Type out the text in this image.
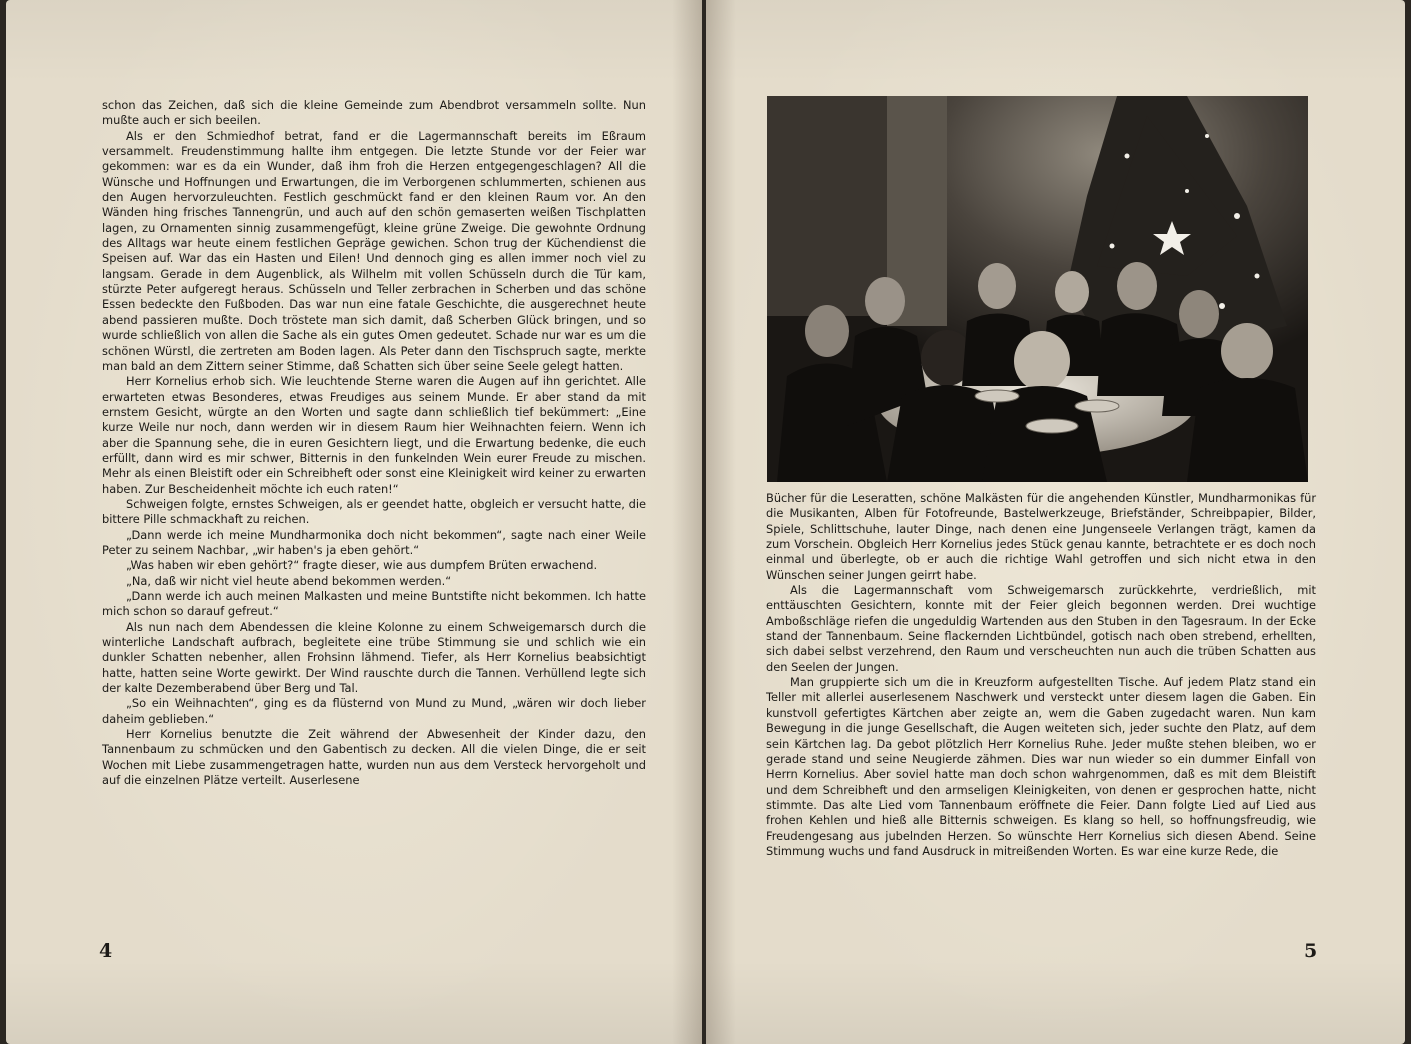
schon das Zeichen, daß sich die kleine Gemeinde zum Abendbrot versammeln sollte. Nun mußte auch er sich beeilen.

Als er den Schmiedhof betrat, fand er die Lagermannschaft bereits im Eßraum versammelt. Freudenstimmung hallte ihm entgegen. Die letzte Stunde vor der Feier war gekommen: war es da ein Wunder, daß ihm froh die Herzen entgegengeschlagen? All die Wünsche und Hoffnungen und Erwartungen, die im Verborgenen schlummerten, schienen aus den Augen hervorzuleuchten. Festlich geschmückt fand er den kleinen Raum vor. An den Wänden hing frisches Tannengrün, und auch auf den schön gemaserten weißen Tischplatten lagen, zu Ornamenten sinnig zusammengefügt, kleine grüne Zweige. Die gewohnte Ordnung des Alltags war heute einem festlichen Gepräge gewichen. Schon trug der Küchendienst die Speisen auf. War das ein Hasten und Eilen! Und dennoch ging es allen immer noch viel zu langsam. Gerade in dem Augenblick, als Wilhelm mit vollen Schüsseln durch die Tür kam, stürzte Peter aufgeregt heraus. Schüsseln und Teller zerbrachen in Scherben und das schöne Essen bedeckte den Fußboden. Das war nun eine fatale Geschichte, die ausgerechnet heute abend passieren mußte. Doch tröstete man sich damit, daß Scherben Glück bringen, und so wurde schließlich von allen die Sache als ein gutes Omen gedeutet. Schade nur war es um die schönen Würstl, die zertreten am Boden lagen. Als Peter dann den Tischspruch sagte, merkte man bald an dem Zittern seiner Stimme, daß Schatten sich über seine Seele gelegt hatten.

Herr Kornelius erhob sich. Wie leuchtende Sterne waren die Augen auf ihn gerichtet. Alle erwarteten etwas Besonderes, etwas Freudiges aus seinem Munde. Er aber stand da mit ernstem Gesicht, würgte an den Worten und sagte dann schließlich tief bekümmert: „Eine kurze Weile nur noch, dann werden wir in diesem Raum hier Weihnachten feiern. Wenn ich aber die Spannung sehe, die in euren Gesichtern liegt, und die Erwartung bedenke, die euch erfüllt, dann wird es mir schwer, Bitternis in den funkelnden Wein eurer Freude zu mischen. Mehr als einen Bleistift oder ein Schreibheft oder sonst eine Kleinigkeit wird keiner zu erwarten haben. Zur Bescheidenheit möchte ich euch raten!“

Schweigen folgte, ernstes Schweigen, als er geendet hatte, obgleich er versucht hatte, die bittere Pille schmackhaft zu reichen.

„Dann werde ich meine Mundharmonika doch nicht bekommen“, sagte nach einer Weile Peter zu seinem Nachbar, „wir haben's ja eben gehört.“

„Was haben wir eben gehört?“ fragte dieser, wie aus dumpfem Brüten erwachend.

„Na, daß wir nicht viel heute abend bekommen werden.“

„Dann werde ich auch meinen Malkasten und meine Buntstifte nicht bekommen. Ich hatte mich schon so darauf gefreut.“

Als nun nach dem Abendessen die kleine Kolonne zu einem Schweigemarsch durch die winterliche Landschaft aufbrach, begleitete eine trübe Stimmung sie und schlich wie ein dunkler Schatten nebenher, allen Frohsinn lähmend. Tiefer, als Herr Kornelius beabsichtigt hatte, hatten seine Worte gewirkt. Der Wind rauschte durch die Tannen. Verhüllend legte sich der kalte Dezemberabend über Berg und Tal.

„So ein Weihnachten“, ging es da flüsternd von Mund zu Mund, „wären wir doch lieber daheim geblieben.“

Herr Kornelius benutzte die Zeit während der Abwesenheit der Kinder dazu, den Tannenbaum zu schmücken und den Gabentisch zu decken. All die vielen Dinge, die er seit Wochen mit Liebe zusammengetragen hatte, wurden nun aus dem Versteck hervorgeholt und auf die einzelnen Plätze verteilt. Auserlesene

4

Bücher für die Leseratten, schöne Malkästen für die angehenden Künstler, Mundharmonikas für die Musikanten, Alben für Fotofreunde, Bastelwerkzeuge, Briefständer, Schreibpapier, Bilder, Spiele, Schlittschuhe, lauter Dinge, nach denen eine Jungenseele Verlangen trägt, kamen da zum Vorschein. Obgleich Herr Kornelius jedes Stück genau kannte, betrachtete er es doch noch einmal und überlegte, ob er auch die richtige Wahl getroffen und sich nicht etwa in den Wünschen seiner Jungen geirrt habe.

Als die Lagermannschaft vom Schweigemarsch zurückkehrte, verdrießlich, mit enttäuschten Gesichtern, konnte mit der Feier gleich begonnen werden. Drei wuchtige Amboßschläge riefen die ungeduldig Wartenden aus den Stuben in den Tagesraum. In der Ecke stand der Tannenbaum. Seine flackernden Lichtbündel, gotisch nach oben strebend, erhellten, sich dabei selbst verzehrend, den Raum und verscheuchten nun auch die trüben Schatten aus den Seelen der Jungen.

Man gruppierte sich um die in Kreuzform aufgestellten Tische. Auf jedem Platz stand ein Teller mit allerlei auserlesenem Naschwerk und versteckt unter diesem lagen die Gaben. Ein kunstvoll gefertigtes Kärtchen aber zeigte an, wem die Gaben zugedacht waren. Nun kam Bewegung in die junge Gesellschaft, die Augen weiteten sich, jeder suchte den Platz, auf dem sein Kärtchen lag. Da gebot plötzlich Herr Kornelius Ruhe. Jeder mußte stehen bleiben, wo er gerade stand und seine Neugierde zähmen. Dies war nun wieder so ein dummer Einfall von Herrn Kornelius. Aber soviel hatte man doch schon wahrgenommen, daß es mit dem Bleistift und dem Schreibheft und den armseligen Kleinigkeiten, von denen er gesprochen hatte, nicht stimmte. Das alte Lied vom Tannenbaum eröffnete die Feier. Dann folgte Lied auf Lied aus frohen Kehlen und hieß alle Bitternis schweigen. Es klang so hell, so hoffnungsfreudig, wie Freudengesang aus jubelnden Herzen. So wünschte Herr Kornelius sich diesen Abend. Seine Stimmung wuchs und fand Ausdruck in mitreißenden Worten. Es war eine kurze Rede, die

5
